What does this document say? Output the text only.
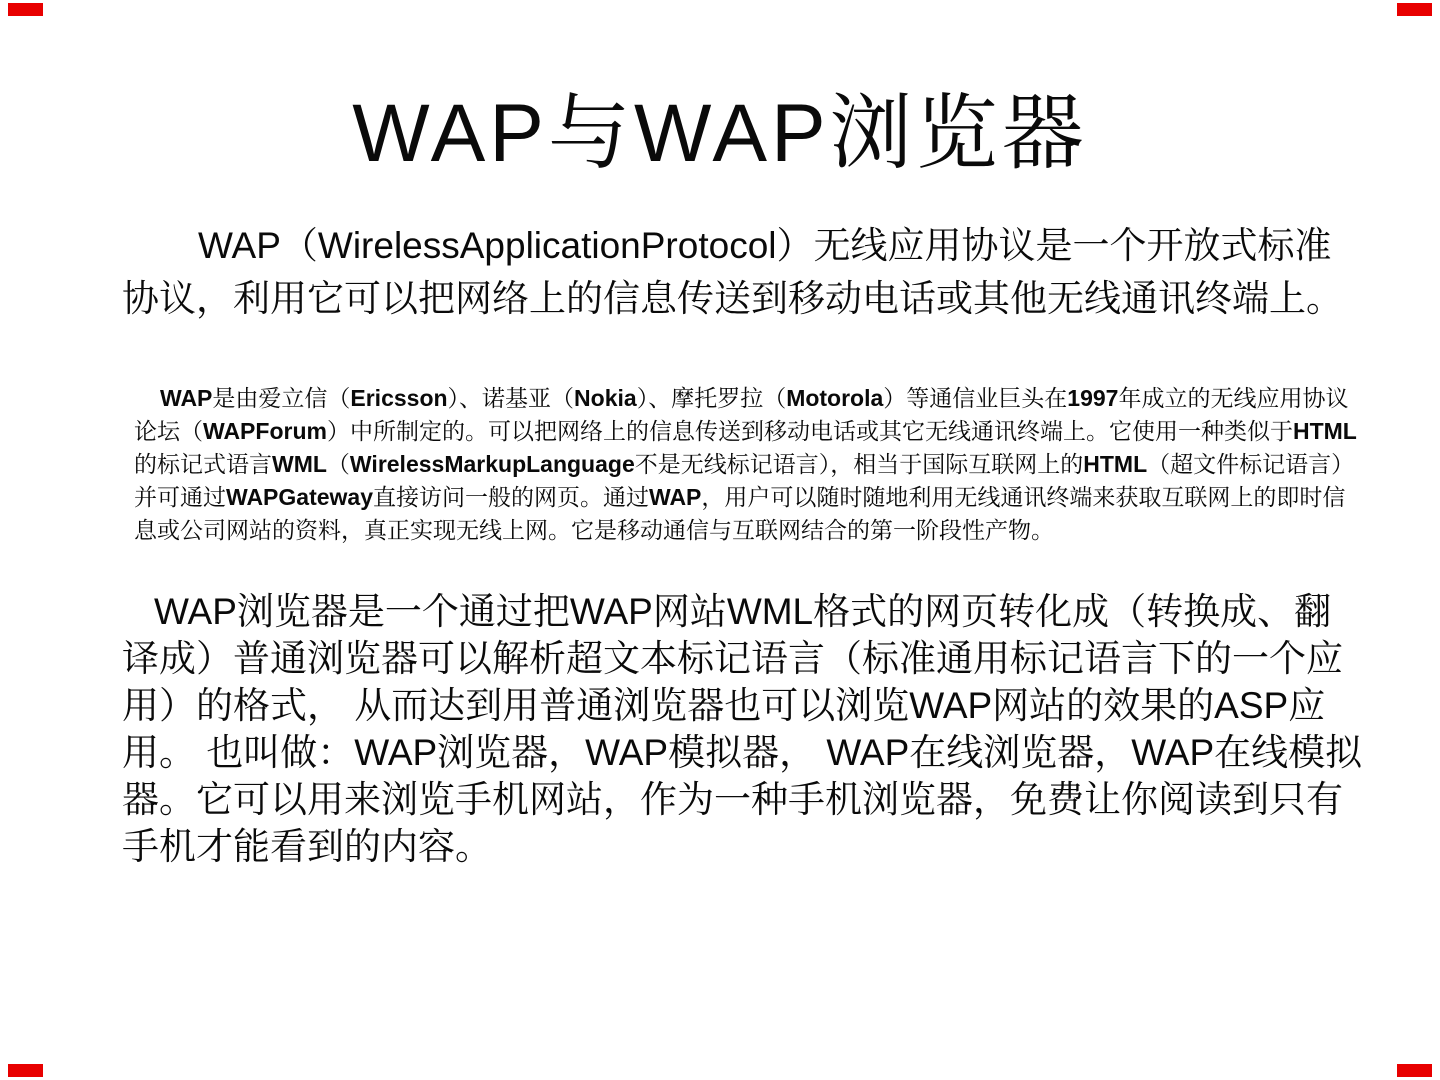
WAP与WAP浏览器

WAP（WirelessApplicationProtocol）无线应用协议是一个开放式标准协议，利用它可以把网络上的信息传送到移动电话或其他无线通讯终端上。

WAP是由爱立信（Ericsson）、诺基亚（Nokia）、摩托罗拉（Motorola）等通信业巨头在1997年成立的无线应用协议论坛（WAPForum）中所制定的。可以把网络上的信息传送到移动电话或其它无线通讯终端上。它使用一种类似于HTML的标记式语言WML（WirelessMarkupLanguage不是无线标记语言），相当于国际互联网上的HTML（超文件标记语言）并可通过WAPGateway直接访问一般的网页。通过WAP，用户可以随时随地利用无线通讯终端来获取互联网上的即时信息或公司网站的资料，真正实现无线上网。它是移动通信与互联网结合的第一阶段性产物。

WAP浏览器是一个通过把WAP网站WML格式的网页转化成（转换成、翻译成）普通浏览器可以解析超文本标记语言（标准通用标记语言下的一个应用）的格式， 从而达到用普通浏览器也可以浏览WAP网站的效果的ASP应用。 也叫做：WAP浏览器，WAP模拟器， WAP在线浏览器，WAP在线模拟器。它可以用来浏览手机网站，作为一种手机浏览器，免费让你阅读到只有手机才能看到的内容。
